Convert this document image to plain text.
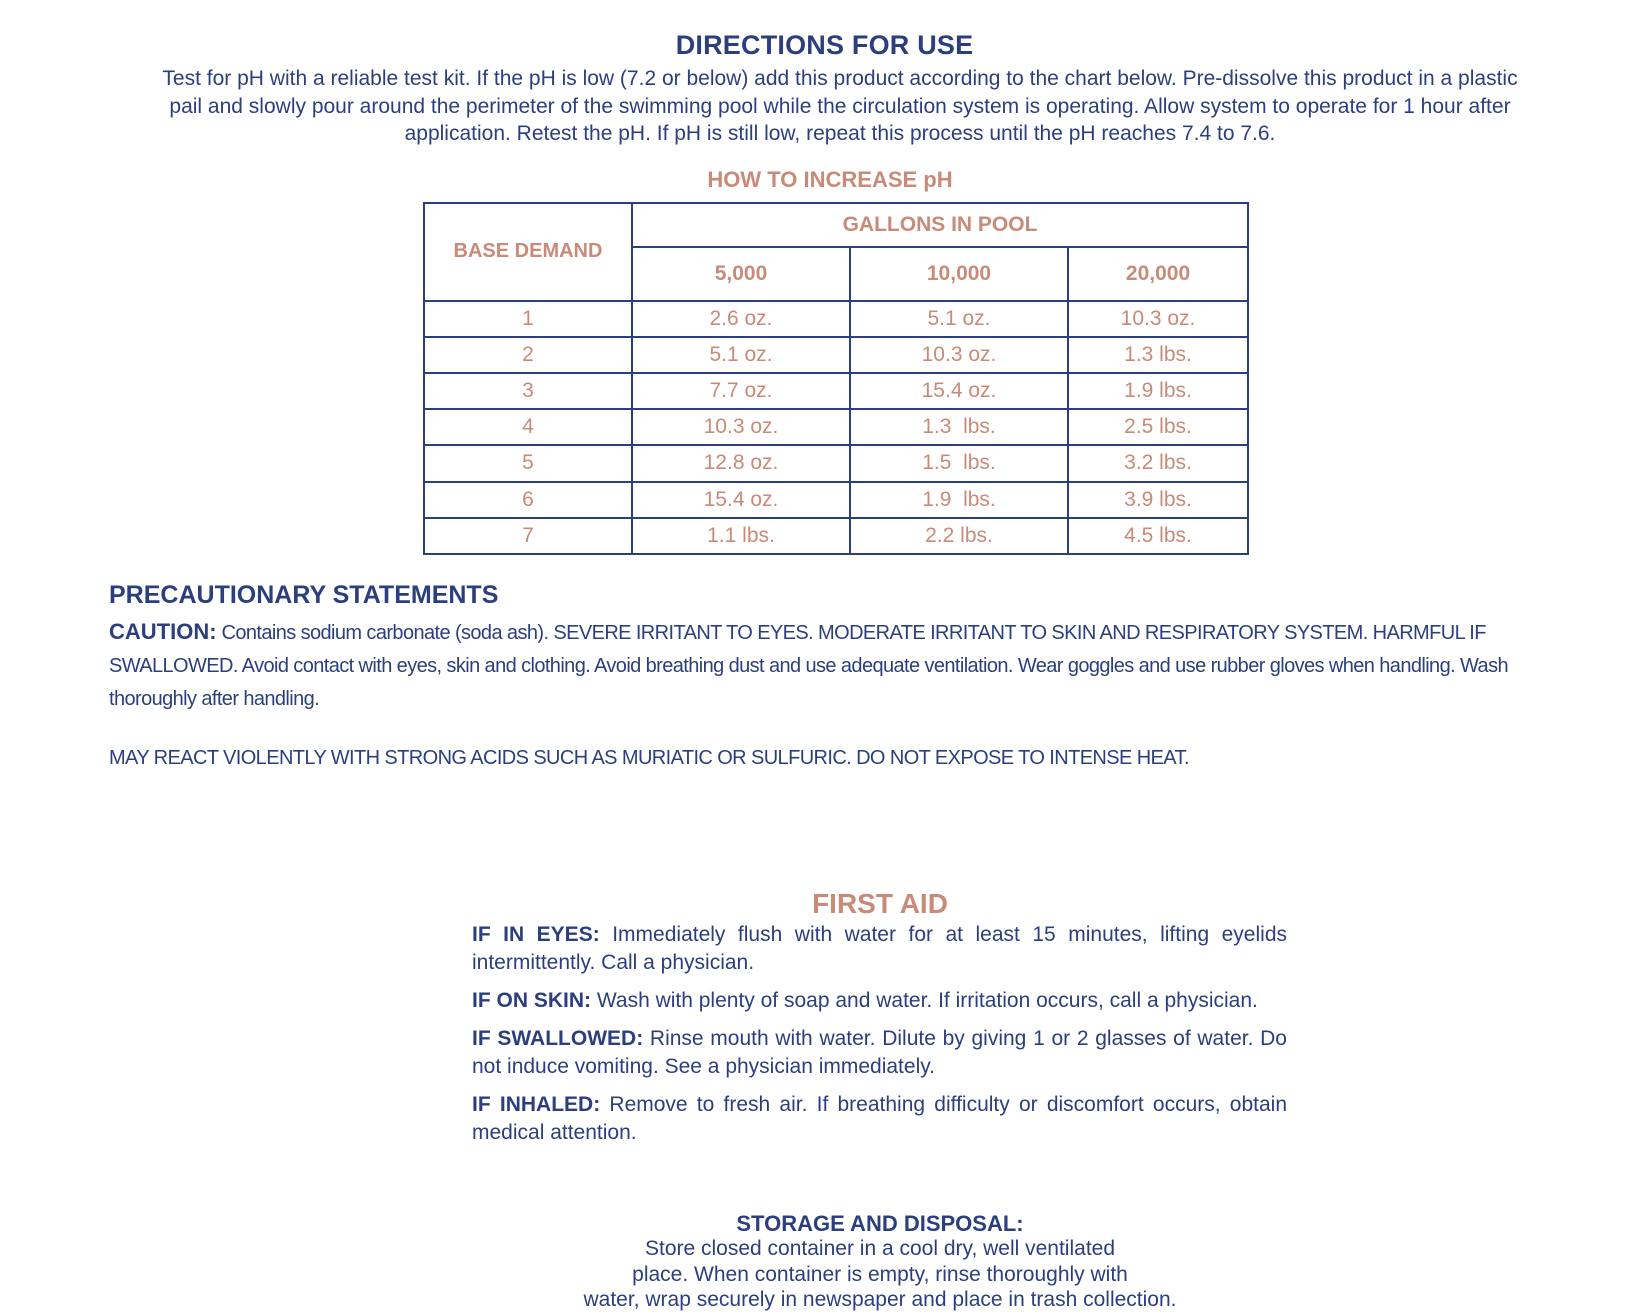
DIRECTIONS FOR USE
Test for pH with a reliable test kit. If the pH is low (7.2 or below) add this product according to the chart below. Pre-dissolve this product in a plastic pail and slowly pour around the perimeter of the swimming pool while the circulation system is operating. Allow system to operate for 1 hour after application. Retest the pH. If pH is still low, repeat this process until the pH reaches 7.4 to 7.6.
HOW TO INCREASE pH
BASE DEMAND	GALLONS IN POOL		
	5,000	10,000	20,000
1	2.6 oz.	5.1 oz.	10.3 oz.
2	5.1 oz.	10.3 oz.	1.3 lbs.
3	7.7 oz.	15.4 oz.	1.9 lbs.
4	10.3 oz.	1.3  lbs.	2.5 lbs.
5	12.8 oz.	1.5  lbs.	3.2 lbs.
6	15.4 oz.	1.9  lbs.	3.9 lbs.
7	1.1 lbs.	2.2 lbs.	4.5 lbs.
PRECAUTIONARY STATEMENTS
CAUTION: Contains sodium carbonate (soda ash). SEVERE IRRITANT TO EYES. MODERATE IRRITANT TO SKIN AND RESPIRATORY SYSTEM. HARMFUL IF SWALLOWED. Avoid contact with eyes, skin and clothing. Avoid breathing dust and use adequate ventilation. Wear goggles and use rubber gloves when handling. Wash thoroughly after handling.
MAY REACT VIOLENTLY WITH STRONG ACIDS SUCH AS MURIATIC OR SULFURIC. DO NOT EXPOSE TO INTENSE HEAT.
FIRST AID
IF IN EYES: Immediately flush with water for at least 15 minutes, lifting eyelids intermittently. Call a physician.
IF ON SKIN: Wash with plenty of soap and water. If irritation occurs, call a physician.
IF SWALLOWED: Rinse mouth with water. Dilute by giving 1 or 2 glasses of water. Do not induce vomiting. See a physician immediately.
IF INHALED: Remove to fresh air. If breathing difficulty or discomfort occurs, obtain medical attention.
STORAGE AND DISPOSAL:
Store closed container in a cool dry, well ventilated
place. When container is empty, rinse thoroughly with
water, wrap securely in newspaper and place in trash collection.
